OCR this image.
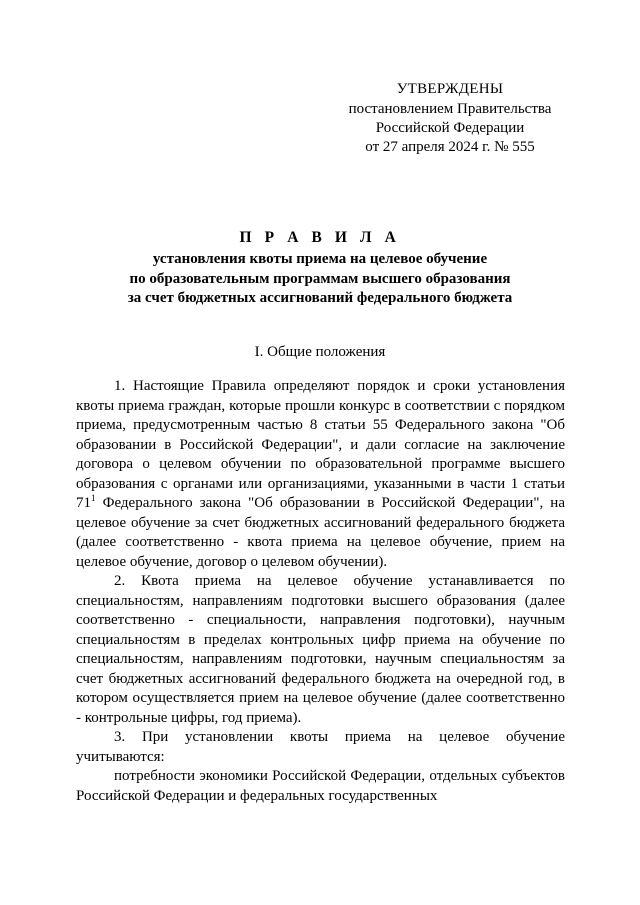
УТВЕРЖДЕНЫ
постановлением Правительства
Российской Федерации
от 27 апреля 2024 г. № 555
П Р А В И Л А
установления квоты приема на целевое обучение
по образовательным программам высшего образования
за счет бюджетных ассигнований федерального бюджета
I. Общие положения

1. Настоящие Правила определяют порядок и сроки установления квоты приема граждан, которые прошли конкурс в соответствии с порядком приема, предусмотренным частью 8 статьи 55 Федерального закона "Об образовании в Российской Федерации", и дали согласие на заключение договора о целевом обучении по образовательной программе высшего образования с органами или организациями, указанными в части 1 статьи $71^1$ Федерального закона "Об образовании в Российской Федерации", на целевое обучение за счет бюджетных ассигнований федерального бюджета (далее соответственно - квота приема на целевое обучение, прием на целевое обучение, договор о целевом обучении).

2. Квота приема на целевое обучение устанавливается по специальностям, направлениям подготовки высшего образования (далее соответственно - специальности, направления подготовки), научным специальностям в пределах контрольных цифр приема на обучение по специальностям, направлениям подготовки, научным специальностям за счет бюджетных ассигнований федерального бюджета на очередной год, в котором осуществляется прием на целевое обучение (далее соответственно - контрольные цифры, год приема).

3. При установлении квоты приема на целевое обучение учитываются:

потребности экономики Российской Федерации, отдельных субъектов Российской Федерации и федеральных государственных
